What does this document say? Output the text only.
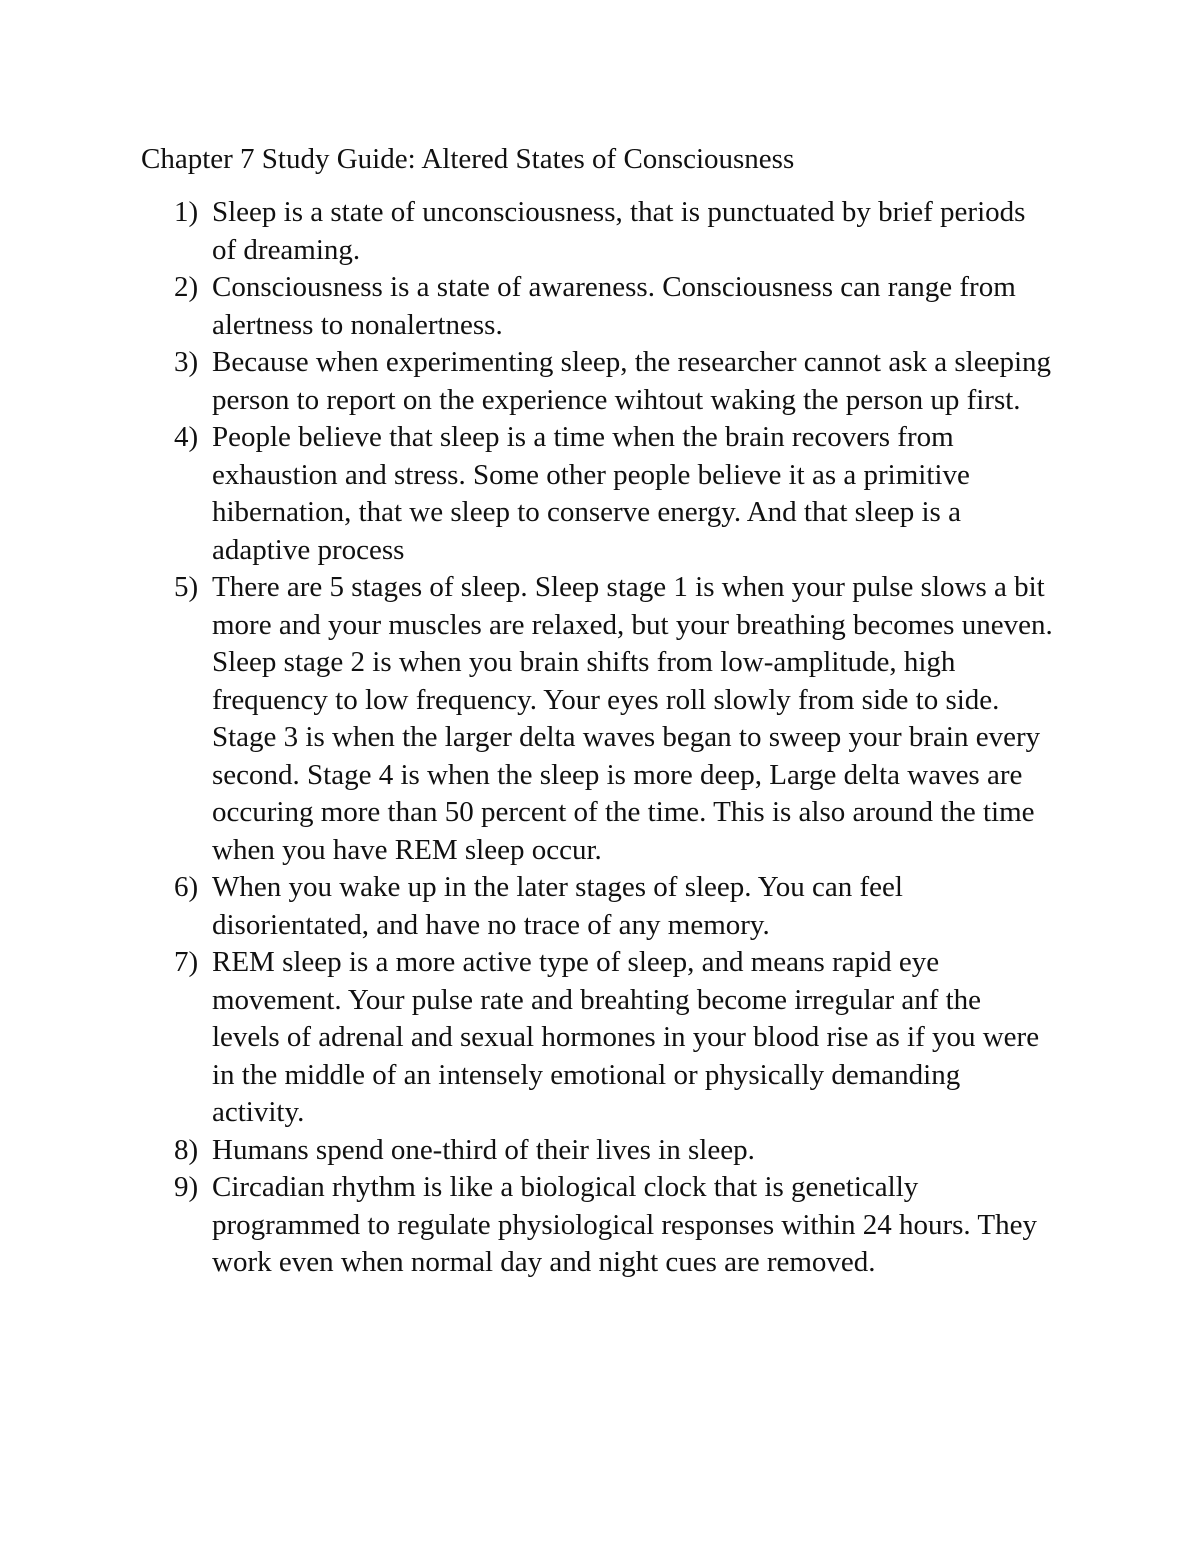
Chapter 7 Study Guide: Altered States of Consciousness
1) Sleep is a state of unconsciousness, that is punctuated by brief periods of dreaming.
2) Consciousness is a state of awareness. Consciousness can range from alertness to nonalertness.
3) Because when experimenting sleep, the researcher cannot ask a sleeping person to report on the experience wihtout waking the person up first.
4) People believe that sleep is a time when the brain recovers from exhaustion and stress. Some other people believe it as a primitive hibernation, that we sleep to conserve energy. And that sleep is a adaptive process
5) There are 5 stages of sleep. Sleep stage 1 is when your pulse slows a bit more and your muscles are relaxed, but your breathing becomes uneven. Sleep stage 2 is when you brain shifts from low-amplitude, high frequency to low frequency. Your eyes roll slowly from side to side. Stage 3 is when the larger delta waves began to sweep your brain every second. Stage 4 is when the sleep is more deep, Large delta waves are occuring more than 50 percent of the time. This is also around the time when you have REM sleep occur.
6) When you wake up in the later stages of sleep. You can feel disorientated, and have no trace of any memory.
7) REM sleep is a more active type of sleep, and means rapid eye movement. Your pulse rate and breahting become irregular anf the levels of adrenal and sexual hormones in your blood rise as if you were in the middle of an intensely emotional or physically demanding activity.
8) Humans spend one-third of their lives in sleep.
9) Circadian rhythm is like a biological clock that is genetically programmed to regulate physiological responses within 24 hours. They work even when normal day and night cues are removed.
